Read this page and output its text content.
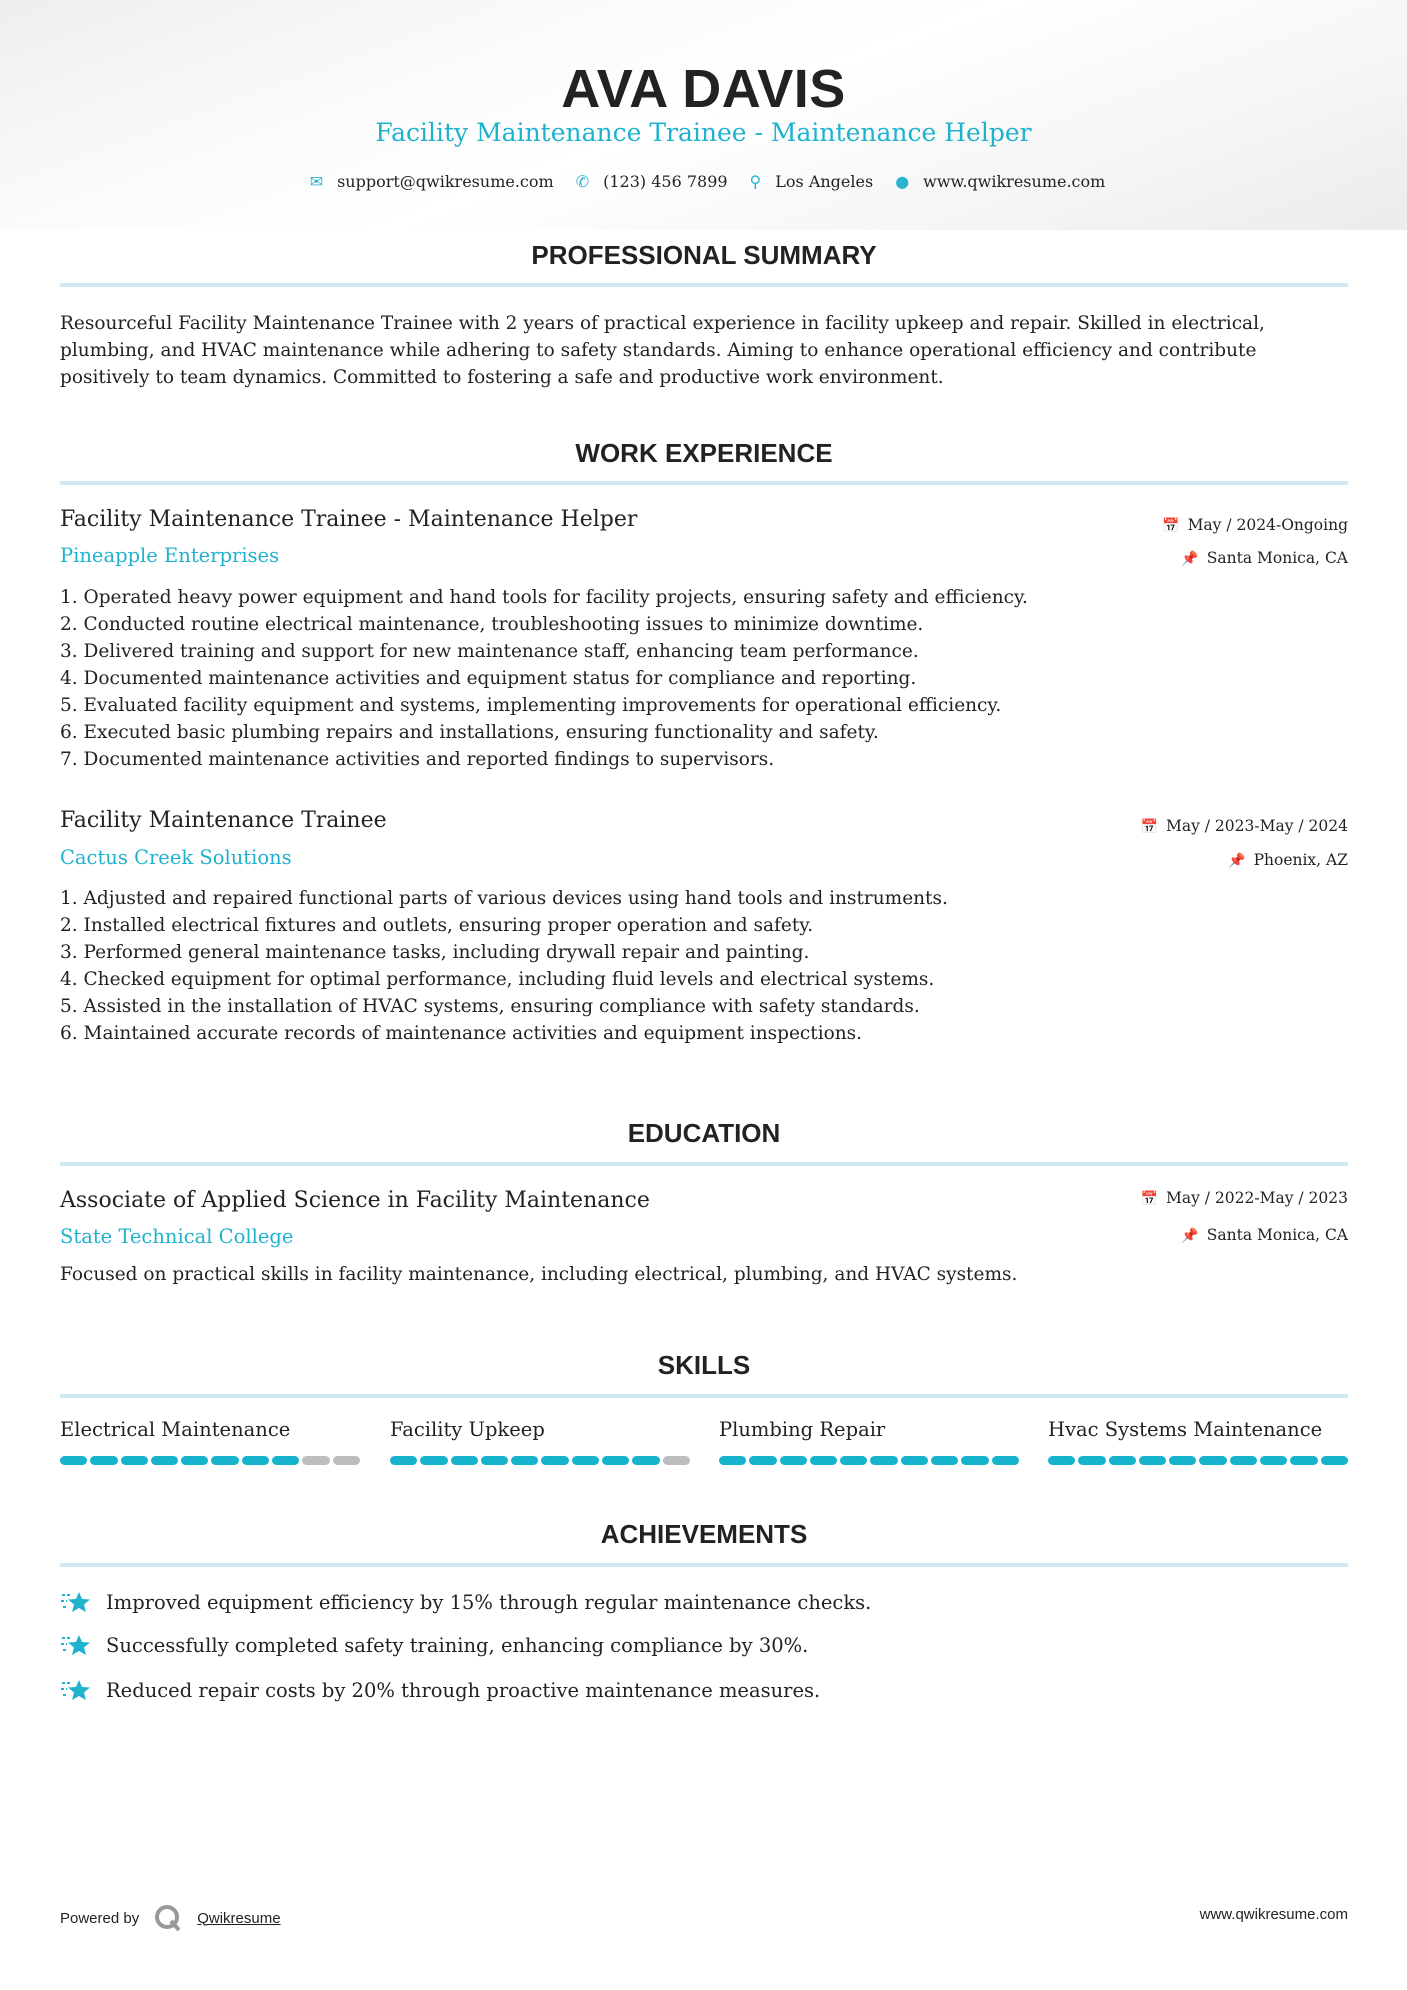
AVA DAVIS
Facility Maintenance Trainee - Maintenance Helper
✉ support@qwikresume.com ✆ (123) 456 7899 ⚲ Los Angeles ● www.qwikresume.com
PROFESSIONAL SUMMARY
Resourceful Facility Maintenance Trainee with 2 years of practical experience in facility upkeep and repair. Skilled in electrical, plumbing, and HVAC maintenance while adhering to safety standards. Aiming to enhance operational efficiency and contribute positively to team dynamics. Committed to fostering a safe and productive work environment.
WORK EXPERIENCE
Facility Maintenance Trainee - Maintenance Helper
Pineapple Enterprises
📅 May / 2024-Ongoing
📌 Santa Monica, CA
1. Operated heavy power equipment and hand tools for facility projects, ensuring safety and efficiency.
2. Conducted routine electrical maintenance, troubleshooting issues to minimize downtime.
3. Delivered training and support for new maintenance staff, enhancing team performance.
4. Documented maintenance activities and equipment status for compliance and reporting.
5. Evaluated facility equipment and systems, implementing improvements for operational efficiency.
6. Executed basic plumbing repairs and installations, ensuring functionality and safety.
7. Documented maintenance activities and reported findings to supervisors.
Facility Maintenance Trainee
Cactus Creek Solutions
📅 May / 2023-May / 2024
📌 Phoenix, AZ
1. Adjusted and repaired functional parts of various devices using hand tools and instruments.
2. Installed electrical fixtures and outlets, ensuring proper operation and safety.
3. Performed general maintenance tasks, including drywall repair and painting.
4. Checked equipment for optimal performance, including fluid levels and electrical systems.
5. Assisted in the installation of HVAC systems, ensuring compliance with safety standards.
6. Maintained accurate records of maintenance activities and equipment inspections.
EDUCATION
Associate of Applied Science in Facility Maintenance
State Technical College
📅 May / 2022-May / 2023
📌 Santa Monica, CA
Focused on practical skills in facility maintenance, including electrical, plumbing, and HVAC systems.
SKILLS
Electrical Maintenance	Facility Upkeep	Plumbing Repair	Hvac Systems Maintenance
ACHIEVEMENTS
Improved equipment efficiency by 15% through regular maintenance checks.
Successfully completed safety training, enhancing compliance by 30%.
Reduced repair costs by 20% through proactive maintenance measures.
Powered by	Qwikresume	www.qwikresume.com
